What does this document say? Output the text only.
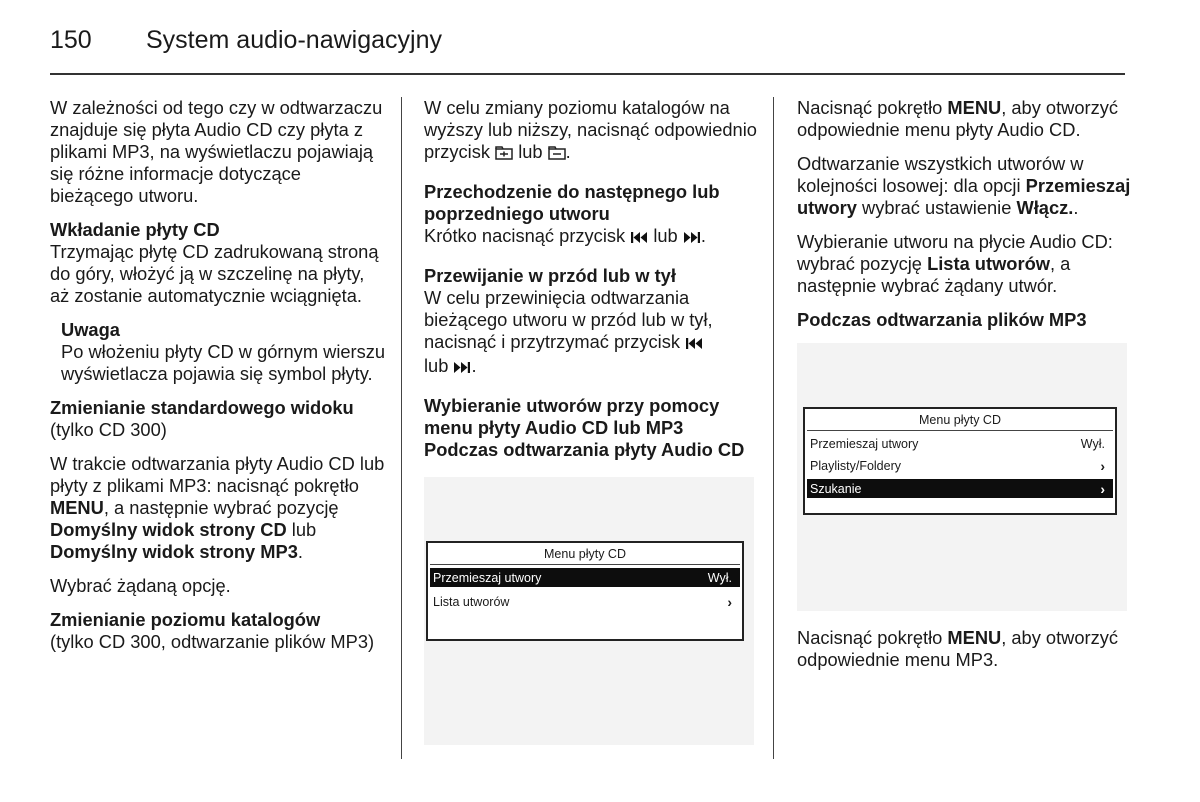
150 System audio-nawigacyjny

W zależności od tego czy w odtwarzaczu znajduje się płyta Audio CD czy płyta z plikami MP3, na wyświetlaczu pojawiają się różne informacje dotyczące bieżącego utworu.

Wkładanie płyty CD

Trzymając płytę CD zadrukowaną stroną do góry, włożyć ją w szczelinę na płyty, aż zostanie automatycznie wciągnięta.

Uwaga
Po włożeniu płyty CD w górnym wierszu wyświetlacza pojawia się symbol płyty.

Zmienianie standardowego widoku

(tylko CD 300)

W trakcie odtwarzania płyty Audio CD lub płyty z plikami MP3: nacisnąć pokrętło MENU, a następnie wybrać pozycję Domyślny widok strony CD lub Domyślny widok strony MP3.

Wybrać żądaną opcję.

Zmienianie poziomu katalogów

(tylko CD 300, odtwarzanie plików MP3)

W celu zmiany poziomu katalogów na wyższy lub niższy, nacisnąć odpowiednio przycisk  lub .

Przechodzenie do następnego lub poprzedniego utworu

Krótko nacisnąć przycisk  lub .

Przewijanie w przód lub w tył

W celu przewinięcia odtwarzania bieżącego utworu w przód lub w tył, nacisnąć i przytrzymać przycisk
lub .

Wybieranie utworów przy pomocy menu płyty Audio CD lub MP3

Podczas odtwarzania płyty Audio CD

Menu płyty CD
Przemieszaj utwory	Wył.
Lista utworów	›

Nacisnąć pokrętło MENU, aby otworzyć odpowiednie menu płyty Audio CD.

Odtwarzanie wszystkich utworów w kolejności losowej: dla opcji Przemieszaj utwory wybrać ustawienie Włącz..

Wybieranie utworu na płycie Audio CD: wybrać pozycję Lista utworów, a następnie wybrać żądany utwór.

Podczas odtwarzania plików MP3

Menu płyty CD
Przemieszaj utwory	Wył.
Playlisty/Foldery	›
Szukanie	›

Nacisnąć pokrętło MENU, aby otworzyć odpowiednie menu MP3.
